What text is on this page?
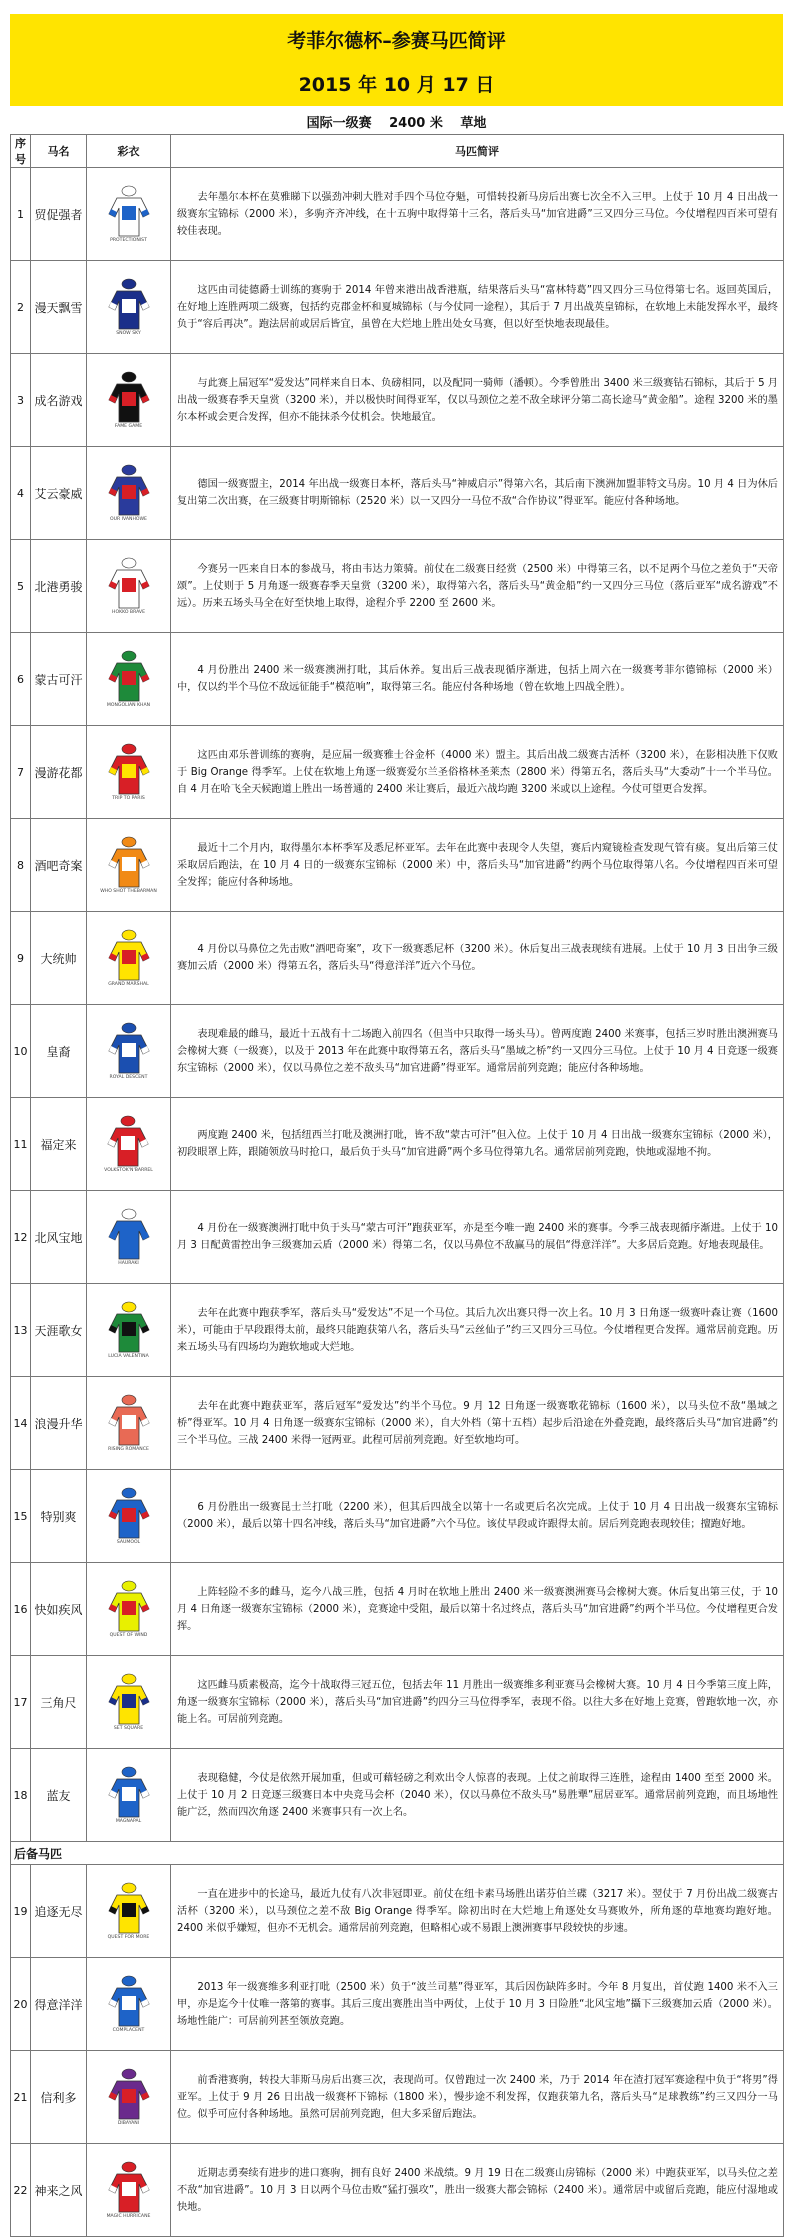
考菲尔德杯–参赛马匹简评
2015 年 10 月 17 日
国际一级赛　 2400 米　 草地
序号	马名	彩衣	马匹简评
1	贸促强者	PROTECTIONIST	去年墨尔本杯在莫雅睇下以强劲冲刺大胜对手四个马位夺魁，可惜转投新马房后出赛七次全不入三甲。上仗于 10 月 4 日出战一级赛东宝锦标（2000 米），多驹齐齐冲线，在十五驹中取得第十三名，落后头马“加官进爵”三又四分三马位。今仗增程四百米可望有较佳表现。
2	漫天飘雪	SNOW SKY	这匹由司徒德爵士训练的赛驹于 2014 年曾来港出战香港瓶，结果落后头马“富林特葛”四又四分三马位得第七名。返回英国后，在好地上连胜两项二级赛，包括约克郡金杯和夏城锦标（与今仗同一途程），其后于 7 月出战英皇锦标，在软地上未能发挥水平，最终负于“容后再决”。跑法居前或居后皆宜，虽曾在大烂地上胜出处女马赛，但以好至快地表现最佳。
3	成名游戏	FAME GAME	与此赛上届冠军“爱发达”同样来自日本、负磅相同，以及配同一骑师（潘顿）。今季曾胜出 3400 米三级赛钻石锦标，其后于 5 月出战一级赛春季天皇赏（3200 米），并以极快时间得亚军，仅以马颈位之差不敌全球评分第二高长途马“黄金船”。途程 3200 米的墨尔本杯或会更合发挥，但亦不能抹杀今仗机会。快地最宜。
4	艾云豪威	OUR IVANHOWE	德国一级赛盟主，2014 年出战一级赛日本杯，落后头马“神威启示”得第六名，其后南下澳洲加盟菲特文马房。10 月 4 日为休后复出第二次出赛，在三级赛甘明斯锦标（2520 米）以一又四分一马位不敌“合作协议”得亚军。能应付各种场地。
5	北港勇骏	HOKKO BRAVE	今赛另一匹来自日本的参战马，将由韦达力策骑。前仗在二级赛日经赏（2500 米）中得第三名，以不足两个马位之差负于“天帝颂”。上仗则于 5 月角逐一级赛春季天皇赏（3200 米），取得第六名，落后头马“黄金船”约一又四分三马位（落后亚军“成名游戏”不远）。历来五场头马全在好至快地上取得，途程介乎 2200 至 2600 米。
6	蒙古可汗	MONGOLIAN KHAN	4 月份胜出 2400 米一级赛澳洲打吡，其后休养。复出后三战表现循序渐进，包括上周六在一级赛考菲尔德锦标（2000 米）中，仅以约半个马位不敌远征能手“模范响”，取得第三名。能应付各种场地（曾在软地上四战全胜）。
7	漫游花都	TRIP TO PARIS	这匹由邓乐普训练的赛驹，是应届一级赛雅士谷金杯（4000 米）盟主。其后出战二级赛古活杯（3200 米），在影相决胜下仅败于 Big Orange 得季军。上仗在软地上角逐一级赛爱尔兰圣俗格林圣莱杰（2800 米）得第五名，落后头马“大委动”十一个半马位。自 4 月在哈飞全天候跑道上胜出一场普通的 2400 米让赛后，最近六战均跑 3200 米或以上途程。今仗可望更合发挥。
8	酒吧奇案	WHO SHOT THEBARMAN	最近十二个月内，取得墨尔本杯季军及悉尼杯亚军。去年在此赛中表现令人失望，赛后内窥镜检查发现气管有痰。复出后第三仗采取居后跑法，在 10 月 4 日的一级赛东宝锦标（2000 米）中，落后头马“加官进爵”约两个马位取得第八名。今仗增程四百米可望全发挥；能应付各种场地。
9	大统帅	GRAND MARSHAL	4 月份以马鼻位之先击败“酒吧奇案”，攻下一级赛悉尼杯（3200 米）。休后复出三战表现续有进展。上仗于 10 月 3 日出争三级赛加云盾（2000 米）得第五名，落后头马“得意洋洋”近六个马位。
10	皇裔	ROYAL DESCENT	表现难最的雌马，最近十五战有十二场跑入前四名（但当中只取得一场头马）。曾两度跑 2400 米赛事，包括三岁时胜出澳洲赛马会橡树大赛（一级赛），以及于 2013 年在此赛中取得第五名，落后头马“墨域之桥”约一又四分三马位。上仗于 10 月 4 日竞逐一级赛东宝锦标（2000 米），仅以马鼻位之差不敌头马“加官进爵”得亚军。通常居前列竞跑；能应付各种场地。
11	福定来	VOLKSTOK'N'BARREL	两度跑 2400 米，包括纽西兰打吡及澳洲打吡，皆不敌“蒙古可汗”但入位。上仗于 10 月 4 日出战一级赛东宝锦标（2000 米），初段眼罩上阵，跟随领放马时抢口，最后负于头马“加官进爵”两个多马位得第九名。通常居前列竞跑，快地或湿地不拘。
12	北风宝地	HAURAKI	4 月份在一级赛澳洲打吡中负于头马“蒙古可汗”跑获亚军，亦是至今唯一跑 2400 米的赛事。今季三战表现循序渐进。上仗于 10 月 3 日配黄雷控出争三级赛加云盾（2000 米）得第二名，仅以马鼻位不敌赢马的展侣“得意洋洋”。大多居后竞跑。好地表现最佳。
13	天涯歌女	LUCIA VALENTINA	去年在此赛中跑获季军，落后头马“爱发达”不足一个马位。其后九次出赛只得一次上名。10 月 3 日角逐一级赛叶森让赛（1600 米），可能由于早段跟得太前，最终只能跑获第八名，落后头马“云丝仙子”约三又四分三马位。今仗增程更合发挥。通常居前竞跑。历来五场头马有四场均为跑软地或大烂地。
14	浪漫升华	RISING ROMANCE	去年在此赛中跑获亚军，落后冠军“爱发达”约半个马位。9 月 12 日角逐一级赛歌花锦标（1600 米），以马头位不敌“墨域之桥”得亚军。10 月 4 日角逐一级赛东宝锦标（2000 米），自大外档（第十五档）起步后沿途在外叠竞跑，最终落后头马“加官进爵”约三个半马位。三战 2400 米得一冠两亚。此程可居前列竞跑。好至软地均可。
15	特别爽	SAUMOOL	6 月份胜出一级赛昆士兰打吡（2200 米），但其后四战全以第十一名或更后名次完成。上仗于 10 月 4 日出战一级赛东宝锦标（2000 米），最后以第十四名冲线，落后头马“加官进爵”六个马位。该仗早段或许跟得太前。居后列竞跑表现较佳；擅跑好地。
16	快如疾风	QUEST OF WIND	上阵轻险不多的雌马，迄今八战三胜，包括 4 月时在软地上胜出 2400 米一级赛澳洲赛马会橡树大赛。休后复出第三仗，于 10 月 4 日角逐一级赛东宝锦标（2000 米），竞赛途中受阻，最后以第十名过终点，落后头马“加官进爵”约两个半马位。今仗增程更合发挥。
17	三角尺	SET SQUARE	这匹雌马质素极高，迄今十战取得三冠五位，包括去年 11 月胜出一级赛维多利亚赛马会橡树大赛。10 月 4 日今季第三度上阵，角逐一级赛东宝锦标（2000 米），落后头马“加官进爵”约四分三马位得季军，表现不俗。以往大多在好地上竞赛，曾跑软地一次，亦能上名。可居前列竞跑。
18	蓝友	MAGNAPAL	表现稳健，今仗是依然开展加重，但或可藉轻磅之利欢出令人惊喜的表现。上仗之前取得三连胜，途程由 1400 至至 2000 米。上仗于 10 月 2 日竞逐三级赛日本中央竞马会杯（2040 米），仅以马鼻位不敌头马“易胜犟”屈居亚军。通常居前列竞跑，而且场地性能广泛，然而四次角逐 2400 米赛事只有一次上名。
后备马匹			
19	追逐无尽	QUEST FOR MORE	一直在进步中的长途马，最近九仗有八次非冠即亚。前仗在纽卡素马场胜出诺芬伯兰碟（3217 米）。翌仗于 7 月份出战二级赛古活杯（3200 米），以马颈位之差不敌 Big Orange 得季军。除初出时在大烂地上角逐处女马赛败外，所角逐的草地赛均跑好地。2400 米似乎嫌短，但亦不无机会。通常居前列竞跑，但略相心或不易跟上澳洲赛事早段较快的步速。
20	得意洋洋	COMPLACENT	2013 年一级赛维多利亚打吡（2500 米）负于“波兰司墓”得亚军，其后因伤缺阵多时。今年 8 月复出，首仗跑 1400 米不入三甲，亦是迄今十仗唯一落第的赛事。其后三度出赛胜出当中两仗，上仗于 10 月 3 日险胜“北风宝地”攝下三级赛加云盾（2000 米）。场地性能广：可居前列甚至领放竞跑。
21	信利多	DIBAYANI	前香港赛驹，转投大菲斯马房后出赛三次，表现尚可。仅曾跑过一次 2400 米，乃于 2014 年在渣打冠军赛途程中负于“将男”得亚军。上仗于 9 月 26 日出战一级赛杯下锦标（1800 米），慢步途不利发挥，仅跑获第九名，落后头马“足球教练”约三又四分一马位。似乎可应付各种场地。虽然可居前列竞跑，但大多采留后跑法。
22	神来之风	MAGIC HURRICANE	近期志勇奏续有进步的进口赛驹，拥有良好 2400 米战绩。9 月 19 日在二级赛山房锦标（2000 米）中跑获亚军，以马头位之差不敌“加官进爵”。10 月 3 日以两个马位击败“猛打强攻”，胜出一级赛大都会锦标（2400 米）。通常居中或留后竞跑，能应付湿地或快地。
